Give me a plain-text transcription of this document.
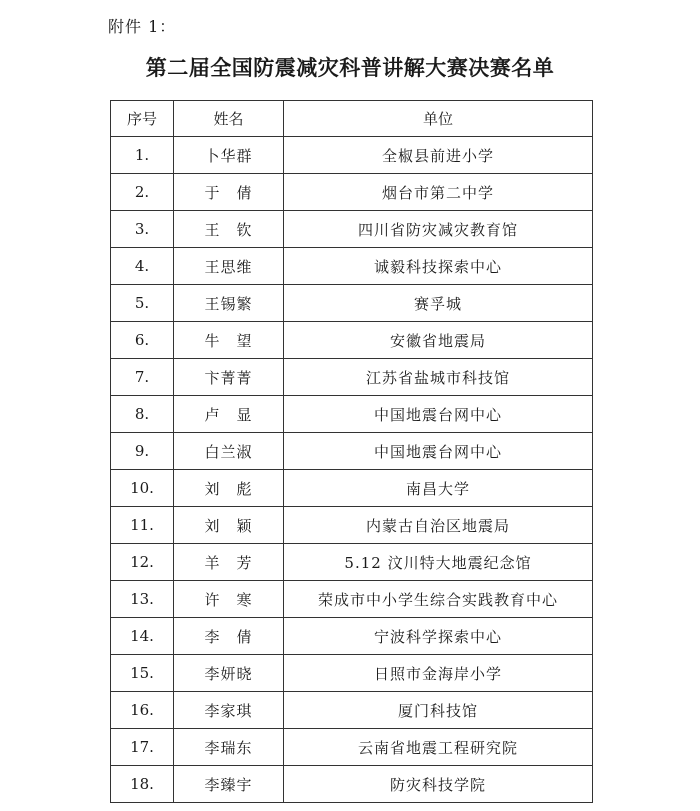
附件 1：
第二届全国防震减灾科普讲解大赛决赛名单
序号	姓名	单位
1.	卜华群	全椒县前进小学
2.	于　倩	烟台市第二中学
3.	王　钦	四川省防灾减灾教育馆
4.	王思维	诚毅科技探索中心
5.	王锡繁	赛孚城
6.	牛　望	安徽省地震局
7.	卞菁菁	江苏省盐城市科技馆
8.	卢　显	中国地震台网中心
9.	白兰淑	中国地震台网中心
10.	刘　彪	南昌大学
11.	刘　颖	内蒙古自治区地震局
12.	羊　芳	5.12 汶川特大地震纪念馆
13.	许　寒	荣成市中小学生综合实践教育中心
14.	李　倩	宁波科学探索中心
15.	李妍晓	日照市金海岸小学
16.	李家琪	厦门科技馆
17.	李瑞东	云南省地震工程研究院
18.	李臻宇	防灾科技学院
